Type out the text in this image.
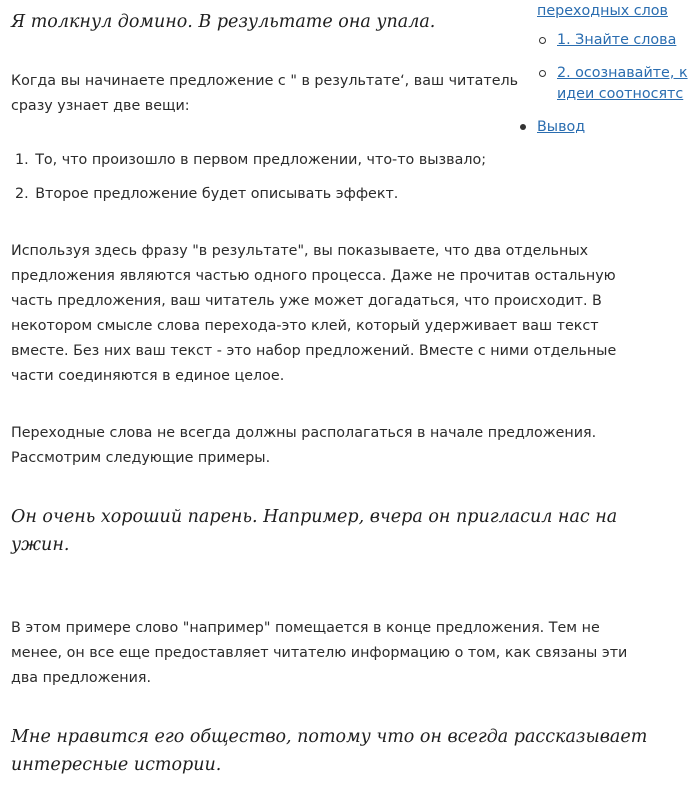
Я толкнул домино. В результате она упала.

Когда вы начинаете предложение с " в результате‘, ваш читатель

сразу узнает две вещи:

1. То, что произошло в первом предложении, что-то вызвало;
2. Второе предложение будет описывать эффект.

Используя здесь фразу "в результате", вы показываете, что два отдельных

предложения являются частью одного процесса. Даже не прочитав остальную

часть предложения, ваш читатель уже может догадаться, что происходит. В

некотором смысле слова перехода-это клей, который удерживает ваш текст

вместе. Без них ваш текст - это набор предложений. Вместе с ними отдельные

части соединяются в единое целое.

Переходные слова не всегда должны располагаться в начале предложения.

Рассмотрим следующие примеры.

Он очень хороший парень. Например, вчера он пригласил нас на

ужин.

В этом примере слово "например" помещается в конце предложения. Тем не

менее, он все еще предоставляет читателю информацию о том, как связаны эти

два предложения.

Мне нравится его общество, потому что он всегда рассказывает

интересные истории.

переходных слов
1. Знайте слова
2. осознавайте, к
идеи соотносятс
Вывод
